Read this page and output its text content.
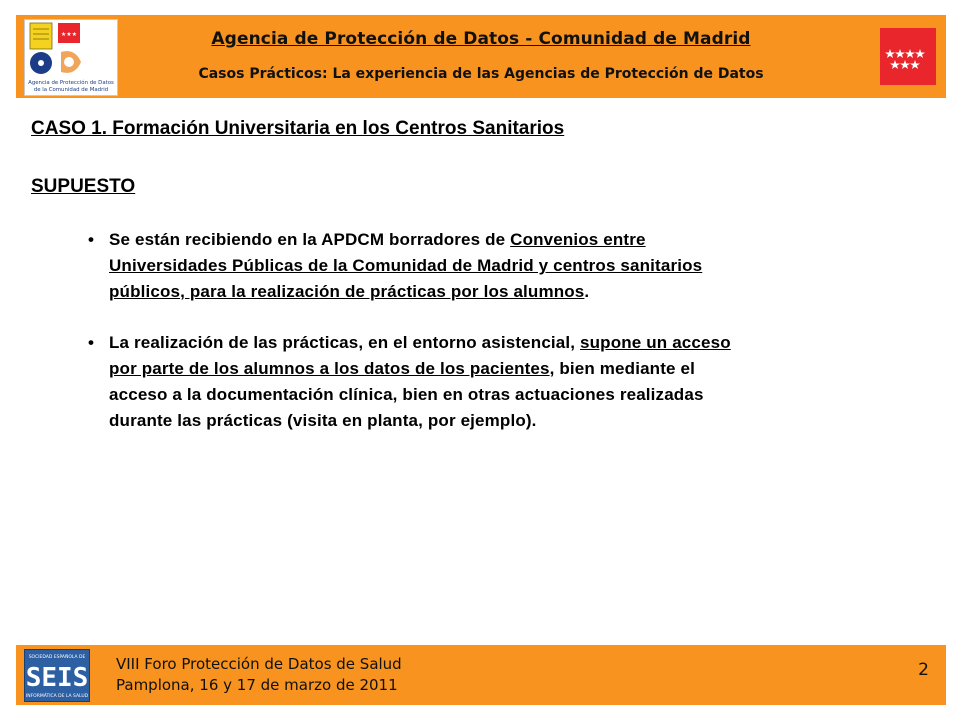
★★★
Agencia de Protección de Datos
de la Comunidad de Madrid
Agencia de Protección de Datos - Comunidad de Madrid
Casos Prácticos: La experiencia de las Agencias de Protección de Datos
CASO 1. Formación Universitaria en los Centros Sanitarios
SUPUESTO
• Se están recibiendo en la APDCM borradores de Convenios entre
Universidades Públicas de la Comunidad de Madrid y centros sanitarios
públicos, para la realización de prácticas por los alumnos.
• La realización de las prácticas, en el entorno asistencial, supone un acceso
por parte de los alumnos a los datos de los pacientes, bien mediante el
acceso a la documentación clínica, bien en otras actuaciones realizadas
durante las prácticas (visita en planta, por ejemplo).
SOCIEDAD ESPAÑOLA DE
SEIS
INFORMÁTICA DE LA SALUD
VIII Foro Protección de Datos de Salud
Pamplona, 16 y 17 de marzo de 2011
2
